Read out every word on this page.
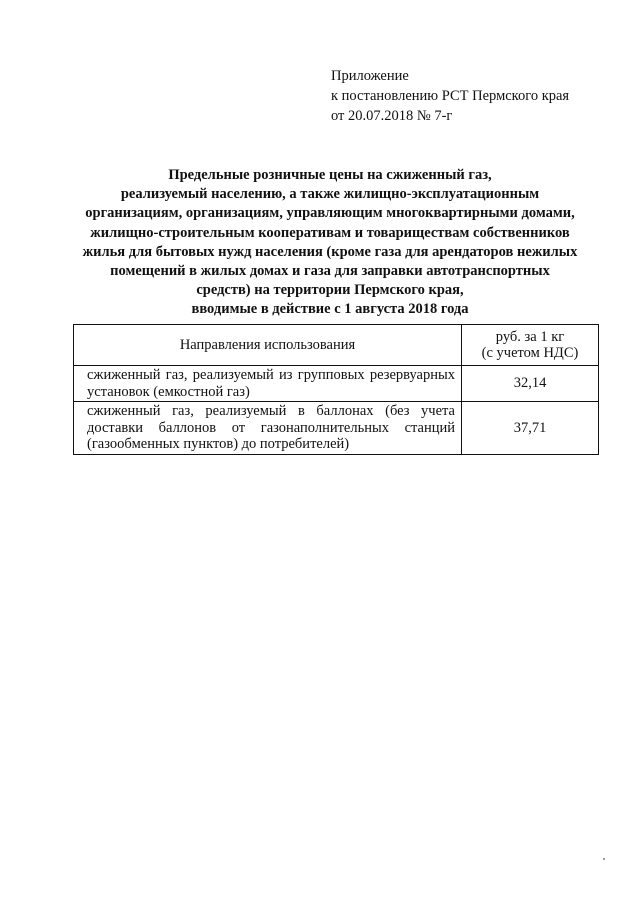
Приложение
к постановлению РСТ Пермского края
от 20.07.2018 № 7-г
Предельные розничные цены на сжиженный газ,
реализуемый населению, а также жилищно-эксплуатационным
организациям, организациям, управляющим многоквартирными домами,
жилищно-строительным кооперативам и товариществам собственников
жилья для бытовых нужд населения (кроме газа для арендаторов нежилых
помещений в жилых домах и газа для заправки автотранспортных
средств) на территории Пермского края,
вводимые в действие с 1 августа 2018 года
Направления использования	руб. за 1 кг
(с учетом НДС)

сжиженный газ, реализуемый из групповых резервуарных установок (емкостной газ)	32,14
сжиженный газ, реализуемый в баллонах (без учета доставки баллонов от газонаполнительных станций (газообменных пунктов) до потребителей)	37,71
